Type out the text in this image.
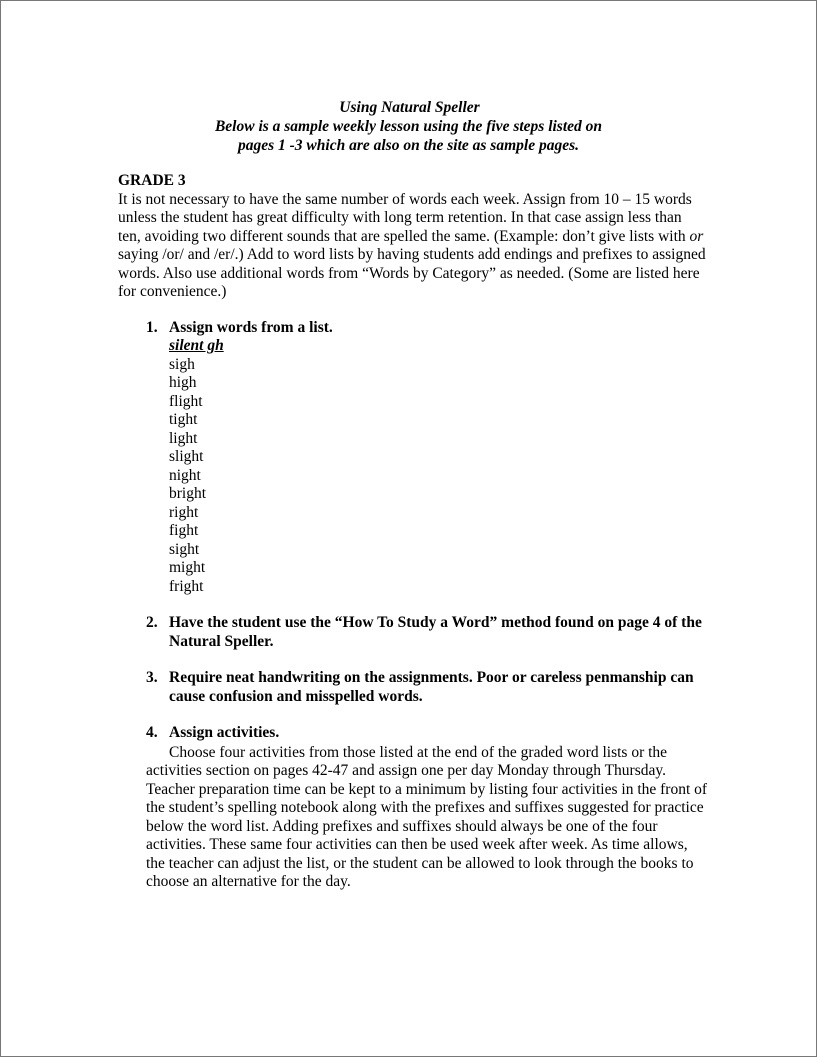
Using Natural Speller
Below is a sample weekly lesson using the five steps listed on
pages 1 -3 which are also on the site as sample pages.

GRADE 3

It is not necessary to have the same number of words each week. Assign from 10 – 15 words unless the student has great difficulty with long term retention. In that case assign less than ten, avoiding two different sounds that are spelled the same. (Example: don’t give lists with or saying /or/ and /er/.) Add to word lists by having students add endings and prefixes to assigned words. Also use additional words from “Words by Category” as needed. (Some are listed here for convenience.)

1. Assign words from a list.
silent gh
sigh
high
flight
tight
light
slight
night
bright
right
fight
sight
might
fright
2. Have the student use the “How To Study a Word” method found on page 4 of the Natural Speller.
3. Require neat handwriting on the assignments. Poor or careless penmanship can cause confusion and misspelled words.
4. Assign activities.

Choose four activities from those listed at the end of the graded word lists or the activities section on pages 42-47 and assign one per day Monday through Thursday. Teacher preparation time can be kept to a minimum by listing four activities in the front of the student’s spelling notebook along with the prefixes and suffixes suggested for practice below the word list. Adding prefixes and suffixes should always be one of the four activities. These same four activities can then be used week after week. As time allows, the teacher can adjust the list, or the student can be allowed to look through the books to choose an alternative for the day.
